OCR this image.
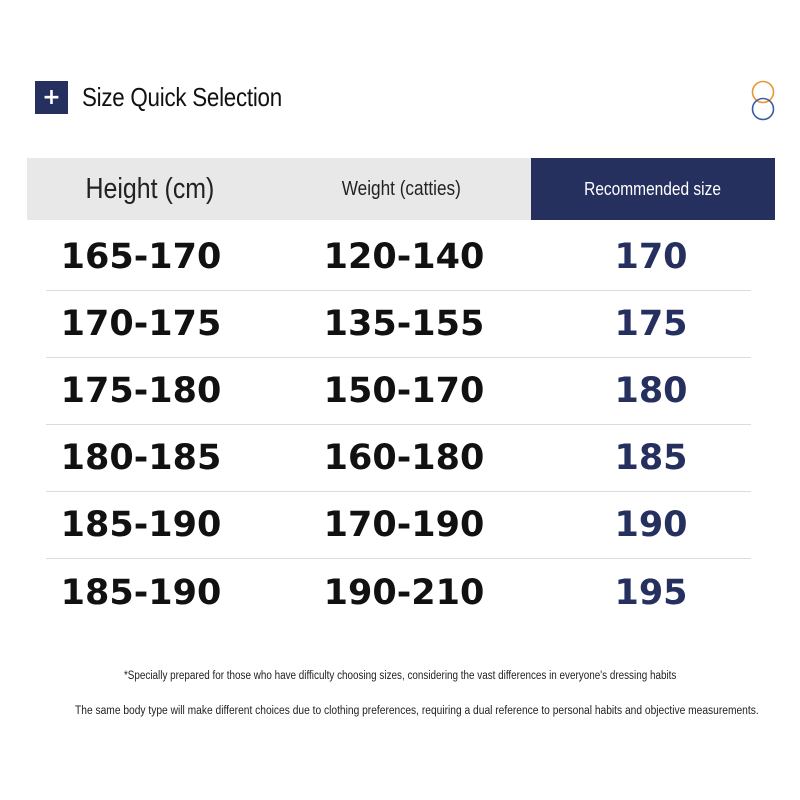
+ Size Quick Selection
Height (cm)	Weight (catties)	Recommended size
165-170	120-140	170
170-175	135-155	175
175-180	150-170	180
180-185	160-180	185
185-190	170-190	190
185-190	190-210	195
*Specially prepared for those who have difficulty choosing sizes, considering the vast differences in everyone's dressing habits
The same body type will make different choices due to clothing preferences, requiring a dual reference to personal habits and objective measurements.
